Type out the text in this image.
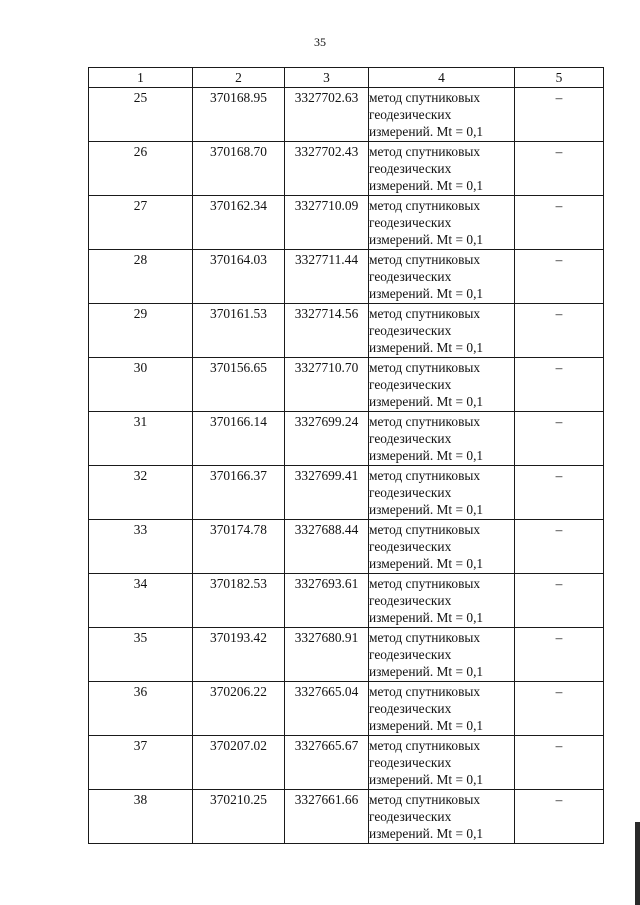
35
1	2	3	4	5
25	370168.95	3327702.63	метод спутниковых
геодезических
измерений. Mt = 0,1	–
26	370168.70	3327702.43	метод спутниковых
геодезических
измерений. Mt = 0,1	–
27	370162.34	3327710.09	метод спутниковых
геодезических
измерений. Mt = 0,1	–
28	370164.03	3327711.44	метод спутниковых
геодезических
измерений. Mt = 0,1	–
29	370161.53	3327714.56	метод спутниковых
геодезических
измерений. Mt = 0,1	–
30	370156.65	3327710.70	метод спутниковых
геодезических
измерений. Mt = 0,1	–
31	370166.14	3327699.24	метод спутниковых
геодезических
измерений. Mt = 0,1	–
32	370166.37	3327699.41	метод спутниковых
геодезических
измерений. Mt = 0,1	–
33	370174.78	3327688.44	метод спутниковых
геодезических
измерений. Mt = 0,1	–
34	370182.53	3327693.61	метод спутниковых
геодезических
измерений. Mt = 0,1	–
35	370193.42	3327680.91	метод спутниковых
геодезических
измерений. Mt = 0,1	–
36	370206.22	3327665.04	метод спутниковых
геодезических
измерений. Mt = 0,1	–
37	370207.02	3327665.67	метод спутниковых
геодезических
измерений. Mt = 0,1	–
38	370210.25	3327661.66	метод спутниковых
геодезических
измерений. Mt = 0,1	–
